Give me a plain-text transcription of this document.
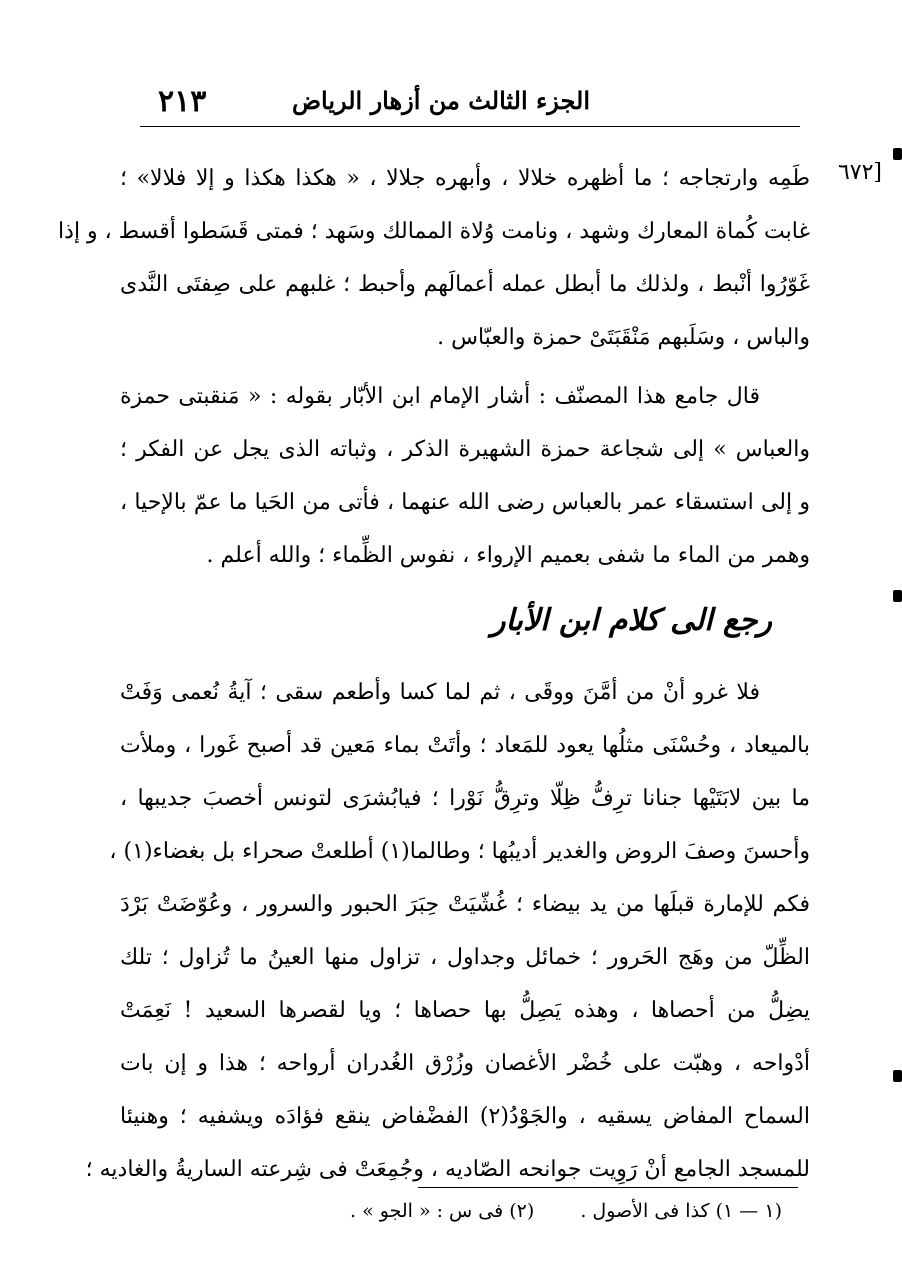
٢١٣	الجزء الثالث من أزهار الرياض
[٦٧٢
طَمِه وارتجاجه ؛ ما أظهره خلالا ، وأبهره جلالا ، « هكذا هكذا و إلا فلالا» ؛
غابت كُماة المعارك وشهد ، ونامت وُلاة الممالك وسَهد ؛ فمتى قَسَطوا أقسط ، و إذا
غَوّرُوا أنْبط ، ولذلك ما أبطل عمله أعمالَهم وأحبط ؛ غلبهم على صِفتَى النَّدى
والباس ، وسَلَبهم مَنْقَبَتَىْ حمزة والعبّاس .
قال جامع هذا المصنّف : أشار الإمام ابن الأبّار بقوله : « مَنقبتى حمزة
والعباس » إلى شجاعة حمزة الشهيرة الذكر ، وثباته الذى يجل عن الفكر ؛
و إلى استسقاء عمر بالعباس رضى الله عنهما ، فأتى من الحَيا ما عمّ بالإحيا ،
وهمر من الماء ما شفى بعميم الإرواء ، نفوس الظِّماء ؛ والله أعلم .
رجع الى كلام ابن الأبار
فلا غرو أنْ من أمَّنَ ووقَى ، ثم لما كسا وأطعم سقى ؛ آيةُ نُعمى وَفَتْ
بالميعاد ، وحُسْنَى مثلُها يعود للمَعاد ؛ وأتَتْ بماء مَعين قد أصبح غَورا ، وملأت
ما بين لابَتَيْها جنانا ترِفُّ ظِلّا وترِقُّ نَوْرا ؛ فيابُشرَى لتونس أخصبَ جديبها ،
وأحسنَ وصفَ الروض والغدير أديبُها ؛ وطالما(١) أطلعتْ صحراء بل بغضاء(١) ،
فكم للإمارة قبلَها من يد بيضاء ؛ غُشّيَتْ حِبَرَ الحبور والسرور ، وعُوّضَتْ بَرْدَ
الظِّلّ من وهَج الحَرور ؛ خمائل وجداول ، تزاول منها العينُ ما تُزاول ؛ تلك
يضِلُّ من أحصاها ، وهذه يَصِلُّ بها حصاها ؛ ويا لقصرها السعيد ! نَعِمَتْ
أدْواحه ، وهبّت على خُضْر الأغصان وزُرْق الغُدران أرواحه ؛ هذا و إن بات
السماح المفاض يسقيه ، والجَوْدُ(٢) الفضْفاض ينقع فؤادَه ويشفيه ؛ وهنيئا
للمسجد الجامع أنْ رَوِيت جوانحه الصّاديه ، وجُمِعَتْ فى شِرعته الساريةُ والغاديه ؛
(١ — ١) كذا فى الأصول . (٢) فى س : « الجو » .
